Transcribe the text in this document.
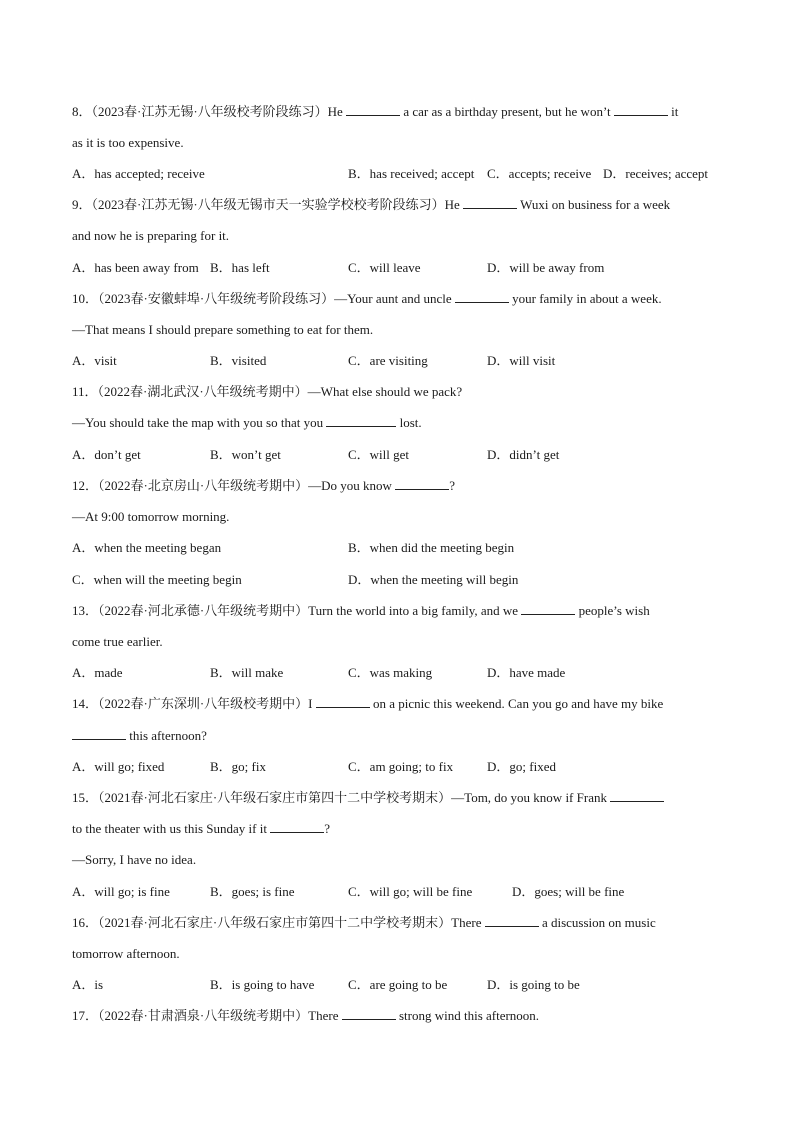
8．（2023春·江苏无锡·八年级校考阶段练习）He	a car as a birthday present, but he won’t	it
as it is too expensive.
A．has accepted; receive	B．has received; accept C．accepts; receive D．receives; accept
9．（2023春·江苏无锡·八年级无锡市天一实验学校校考阶段练习）He	Wuxi on business for a week
and now he is preparing for it.
A．has been away from B．has left	C．will leave	D．will be away from
10．（2023春·安徽蚌埠·八年级统考阶段练习）—Your aunt and uncle	your family in about a week.
—That means I should prepare something to eat for them.
A．visit	B．visited	C．are visiting	D．will visit
11．（2022春·湖北武汉·八年级统考期中）—What else should we pack?
—You should take the map with you so that you	lost.
A．don’t get	B．won’t get	C．will get	D．didn’t get
12．（2022春·北京房山·八年级统考期中）—Do you know	?
—At 9:00 tomorrow morning.
A．when the meeting began	B．when did the meeting begin
C．when will the meeting begin	D．when the meeting will begin
13．（2022春·河北承德·八年级统考期中）Turn the world into a big family, and we	people’s wish
come true earlier.
A．made	B．will make	C．was making	D．have made
14．（2022春·广东深圳·八年级校考期中）I	on a picnic this weekend. Can you go and have my bike
this afternoon?
A．will go; fixed	B．go; fix	C．am going; to fix	D．go; fixed
15．（2021春·河北石家庄·八年级石家庄市第四十二中学校考期末）—Tom, do you know if Frank
to the theater with us this Sunday if it	?
—Sorry, I have no idea.
A．will go; is fine	B．goes; is fine	C．will go; will be fine	D．goes; will be fine
16．（2021春·河北石家庄·八年级石家庄市第四十二中学校考期末）There	a discussion on music
tomorrow afternoon.
A．is	B．is going to have	C．are going to be	D．is going to be
17．（2022春·甘肃酒泉·八年级统考期中）There	strong wind this afternoon.
